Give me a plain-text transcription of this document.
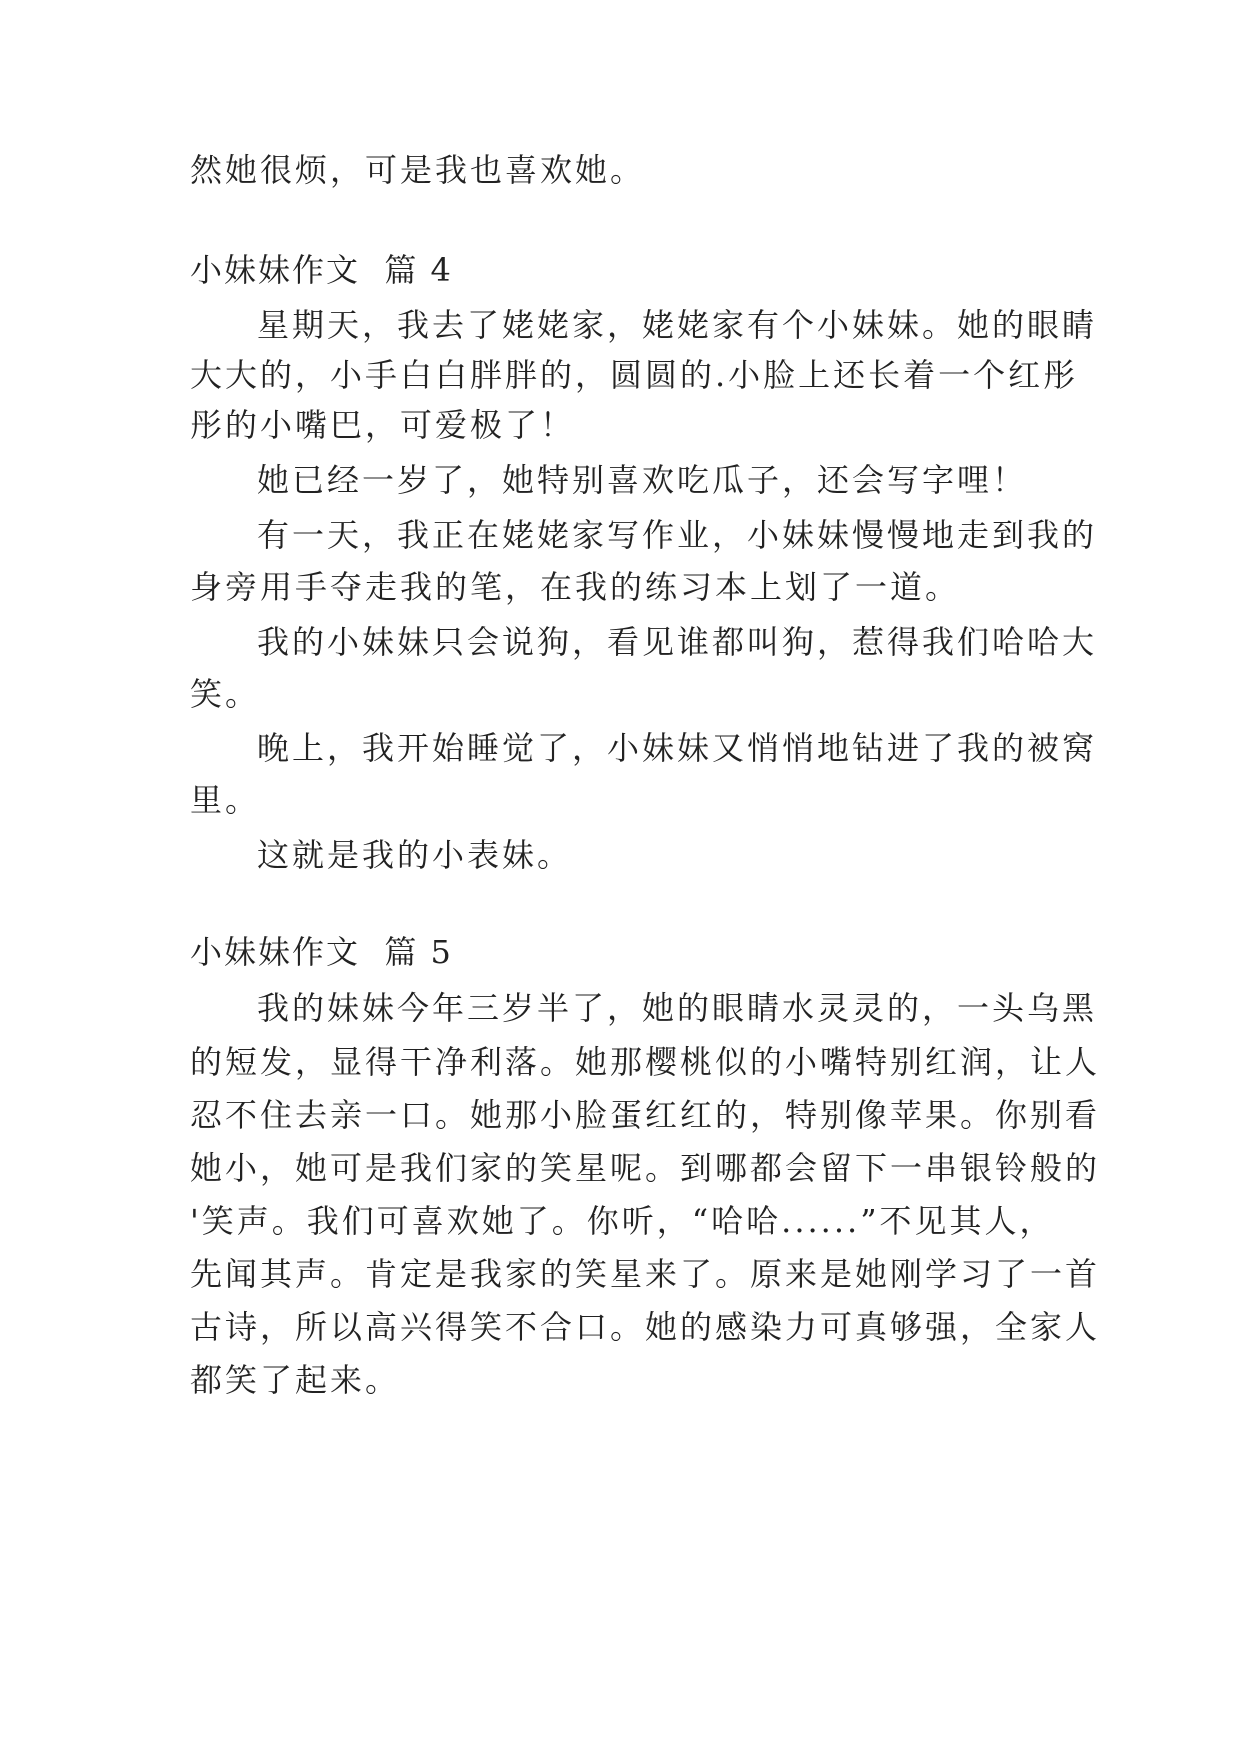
然她很烦，可是我也喜欢她。
小妹妹作文  篇 4
星期天，我去了姥姥家，姥姥家有个小妹妹。她的眼睛
大大的，小手白白胖胖的，圆圆的.小脸上还长着一个红彤
彤的小嘴巴，可爱极了！
她已经一岁了，她特别喜欢吃瓜子，还会写字哩！
有一天，我正在姥姥家写作业，小妹妹慢慢地走到我的
身旁用手夺走我的笔，在我的练习本上划了一道。
我的小妹妹只会说狗，看见谁都叫狗，惹得我们哈哈大
笑。
晚上，我开始睡觉了，小妹妹又悄悄地钻进了我的被窝
里。
这就是我的小表妹。
小妹妹作文  篇 5
我的妹妹今年三岁半了，她的眼睛水灵灵的，一头乌黑
的短发，显得干净利落。她那樱桃似的小嘴特别红润，让人
忍不住去亲一口。她那小脸蛋红红的，特别像苹果。你别看
她小，她可是我们家的笑星呢。到哪都会留下一串银铃般的
'笑声。我们可喜欢她了。你听，“哈哈......”不见其人，
先闻其声。肯定是我家的笑星来了。原来是她刚学习了一首
古诗，所以高兴得笑不合口。她的感染力可真够强，全家人
都笑了起来。
